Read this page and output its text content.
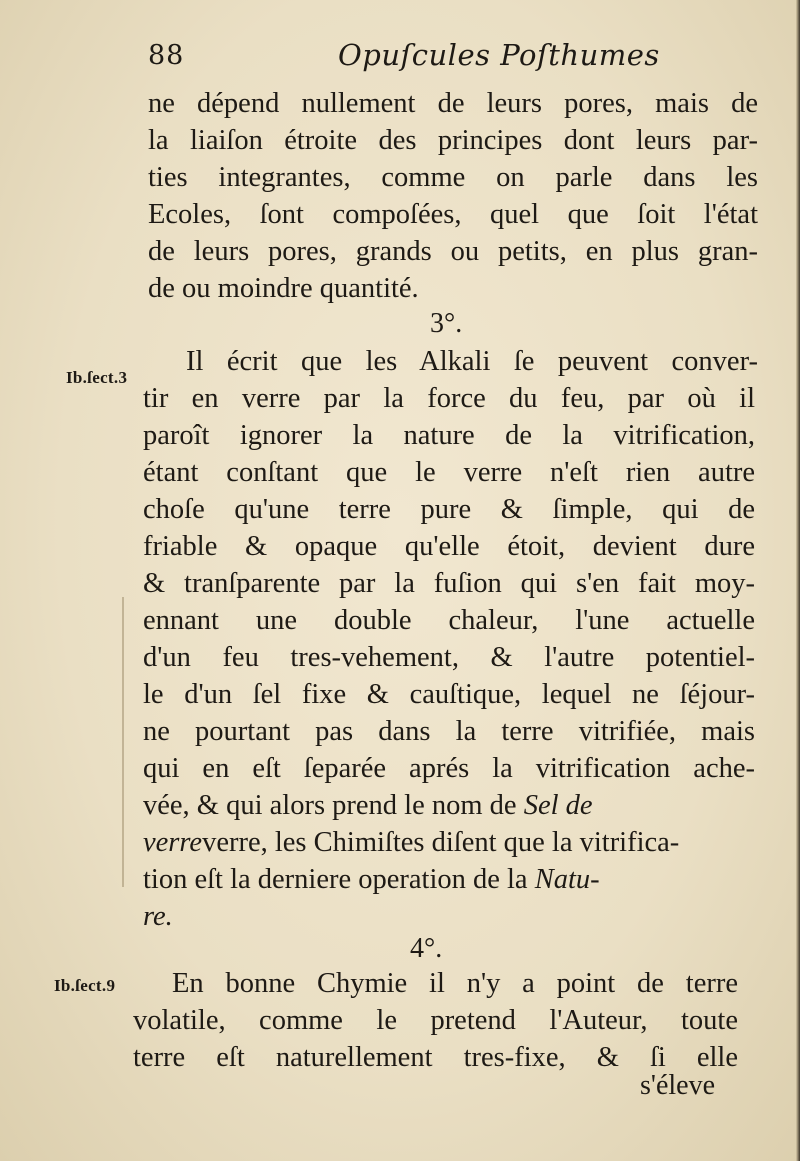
88	Opuſcules Poſthumes
ne dépend nullement de leurs pores, mais de
la liaiſon étroite des principes dont leurs par-
ties integrantes, comme on parle dans les
Ecoles, ſont compoſées, quel que ſoit l'état
de leurs pores, grands ou petits, en plus gran-
de ou moindre quantité.
3°.
Ib.ſect.3
Il écrit que les Alkali ſe peuvent conver-
tir en verre par la force du feu, par où il
paroît ignorer la nature de la vitrification,
étant conſtant que le verre n'eſt rien autre
choſe qu'une terre pure & ſimple, qui de
friable & opaque qu'elle étoit, devient dure
& tranſparente par la fuſion qui s'en fait moy-
ennant une double chaleur, l'une actuelle
d'un feu tres-vehement, & l'autre potentiel-
le d'un ſel fixe & cauſtique, lequel ne ſéjour-
ne pourtant pas dans la terre vitrifiée, mais
qui en eſt ſeparée aprés la vitrification ache-
vée, & qui alors prend le nom de Sel de
verreverre, les Chimiſtes diſent que la vitrifica-
tion eſt la derniere operation de la Natu-
re.
4°.
Ib.ſect.9 En bonne Chymie il n'y a point de terre
volatile, comme le pretend l'Auteur, toute
terre eſt naturellement tres-fixe, & ſi elle
s'éleve
